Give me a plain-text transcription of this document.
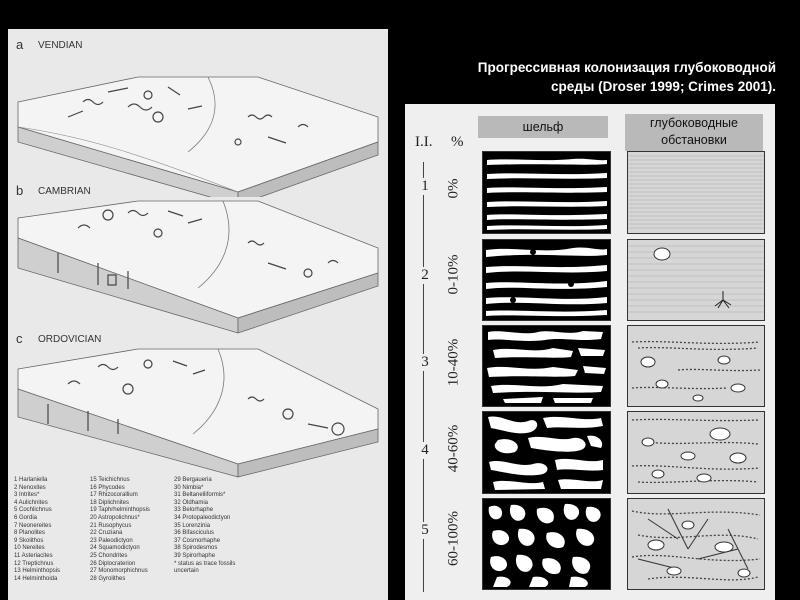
a VENDIAN
b CAMBRIAN
c ORDOVICIAN
1 Harlaniella
2 Nenoxites
3 Intrites*
4 Aulichnites
5 Cochlichnus
6 Gordia
7 Neonereites
8 Planolites
9 Skolithos
10 Nereites
11 Asteriacites
12 Treptichnus
13 Helminthopsis
14 Helminthoida
15 Teichichnus
16 Phycodes
17 Rhizocorallium
18 Diplichnites
19 Taphrhelminthopsis
20 Astropolichnus*
21 Rusophycus
22 Cruziana
23 Paleodictyon
24 Squamodictyon
25 Chondrites
26 Diplocraterion
27 Monomorphichnus
28 Gyrolithes
29 Bergaueria
30 Nimbia*
31 Beltanelliformis*
32 Oldhamia
33 Belorhaphe
34 Protopaleodictyon
35 Lorenzinia
36 Bifasciculus
37 Cosmorhaphe
38 Spirodesmos
39 Spirorhaphe
* status as trace fossils
uncertain
Прогрессивная колонизация глубоководной
среды (Droser 1999; Crimes 2001).
I.I. %
шельф	глубоководные обстановки
1
2
3
4
5
0%
0-10%
10-40%
40-60%
60-100%
